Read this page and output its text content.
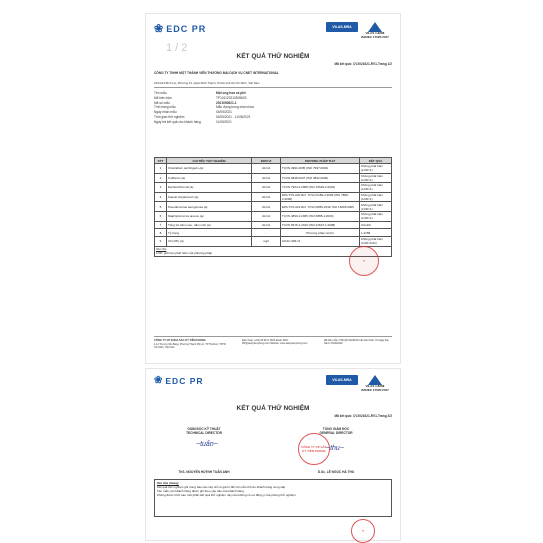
❀ EDC PR
1 / 2
VILAS-MRA
VILAS 1.8268
ISO/IEC 17025:2017
KẾT QUẢ THỬ NGHIỆM
Mã kết quả: CV2021621-RV1-Trang 1/2
CÔNG TY TNHH MỘT THÀNH VIÊN THƯƠNG MẠI DỊCH VỤ CNET INTERNATIONAL
23/31/23 Bình Lợi, Phường 13, Quận Bình Thạnh, Thành phố Hồ Chí Minh, Việt Nam
Tên mẫu	Một ong hoa cà phê
Mã biên bản	TP101120210505603
Mã số mẫu	2021000621-1
Tình trạng mẫu	Mẫu đựng trong chai nhựa
Ngày nhận mẫu	04/05/2021
Thời gian thử nghiệm	04/05/2021 - 11/05/2021
Ngày trả kết quả cho khách hàng	11/05/2021
STT	CHỈ TIÊU THỬ NGHIỆM	ĐƠN VỊ	PHƯƠNG PHÁP THỬ	KẾT QUẢ
1	Clostridium perfringens (a)	cfu/ml	TCVN 4991:2005 (ISO 7937:2004)	Không phát hiện (LOD=1)
2	Coliforms (a)	cfu/ml	TCVN 6848:2007 (ISO 4832:2006)	Không phát hiện (LOD=1)
3	Escherichia coli (a)	cfu/ml	TCVN 7924-2:2008 (ISO 16649-2:2001)	Không phát hiện (LOD=1)
4	Faecal streptococci (a)	cfu/ml	EPA-TP1-020 Ref. TCVN 6189-2:2009 (ISO 7899-2:2000)	Không phát hiện (LOD=1)
5	Pseudomonas aeruginosa (a)	cfu/ml	EPA-TP1-019 Ref. TCVN 8881:2011/ ISO 16266:2006	Không phát hiện (LOD=1)
6	Staphylococcus aureus (a)	cfu/ml	TCVN 4830-1:2005 (ISO 6888-1:2003)	Không phát hiện (LOD=1)
7	Tổng số nấm men, nấm mốc (a)	cfu/ml	TCVN 8275-1:2010 (ISO 21527-1:2008)	9,0x10¹
8	Tỷ trọng	-	Phương pháp nội bộ	1.4158
9	Chì (Pb) (a)	mg/l	AOAC 999.11	Không phát hiện (LOD=0,02)

Ghi chú
LOD: giới hạn phát hiện của phương pháp				
✦
CÔNG TY CP KHOA SẮC KÝ TIÊN PHONG
1-14 Trương Văn Bang, Phường Thạnh Mỹ Lợi, TP.Thủ Đức, TP.Hồ Chí Minh, Việt Nam
Điện thoại: (+84) 28 6271 1823 Email: EDC-PR@sackytienphong.com Website: www.sackytienphong.com
Mã biểu mẫu: 07R-QP-0023/F02 Lần ban hành: 01 Ngày ban hành: 03/09/2020
❀ EDC PR	VILAS-MRA
VILAS 1.8268
ISO/IEC 17025:2017
KẾT QUẢ THỬ NGHIỆM
Mã kết quả: CV2021621-RV1-Trang 2/2
GIÁM ĐỐC KỸ THUẬT
TECHNICAL DIRECTOR
TỔNG GIÁM ĐỐC
GENERAL DIRECTOR
~tuấn~	CÔNG TY CP SẮC KÝ TIÊN PHONG ~thu~
ThS. NGUYỄN HUỲNH TUẤN ANH	D.Sc. LÊ NGỌC HÀ THU
Ghi chú chung:
Kết quả thử nghiệm ghi trong báo cáo này chỉ có giá trị đối với mẫu thử do khách hàng cung cấp.
Tên mẫu, tên khách hàng được ghi theo yêu cầu của khách hàng.
Không được trích sao một phần kết quả thử nghiệm này nếu không có sự đồng ý của phòng thử nghiệm.
✦
